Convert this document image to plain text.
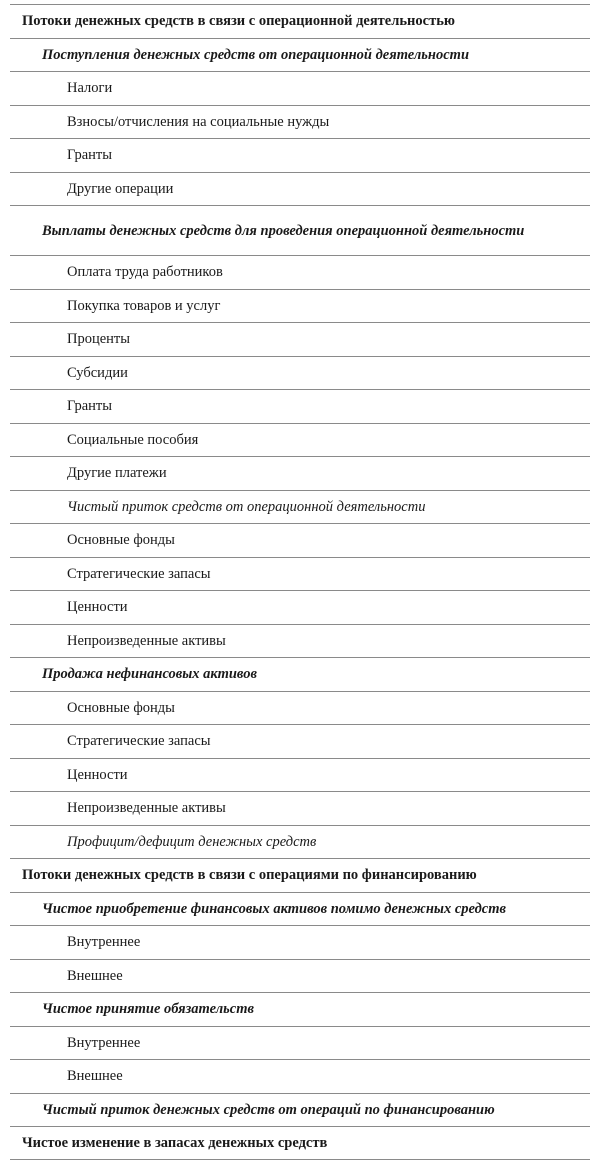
Потоки денежных средств в связи с операционной деятельностью
Поступления денежных средств от операционной деятельности
Налоги
Взносы/отчисления на социальные нужды
Гранты
Другие операции
Выплаты денежных средств для проведения операционной деятельности
Оплата труда работников
Покупка товаров и услуг
Проценты
Субсидии
Гранты
Социальные пособия
Другие платежи
Чистый приток средств от операционной деятельности
Основные фонды
Стратегические запасы
Ценности
Непроизведенные активы
Продажа нефинансовых активов
Основные фонды
Стратегические запасы
Ценности
Непроизведенные активы
Профицит/дефицит денежных средств
Потоки денежных средств в связи с операциями по финансированию
Чистое приобретение финансовых активов помимо денежных средств
Внутреннее
Внешнее
Чистое принятие обязательств
Внутреннее
Внешнее
Чистый приток денежных средств от операций по финансированию
Чистое изменение в запасах денежных средств
